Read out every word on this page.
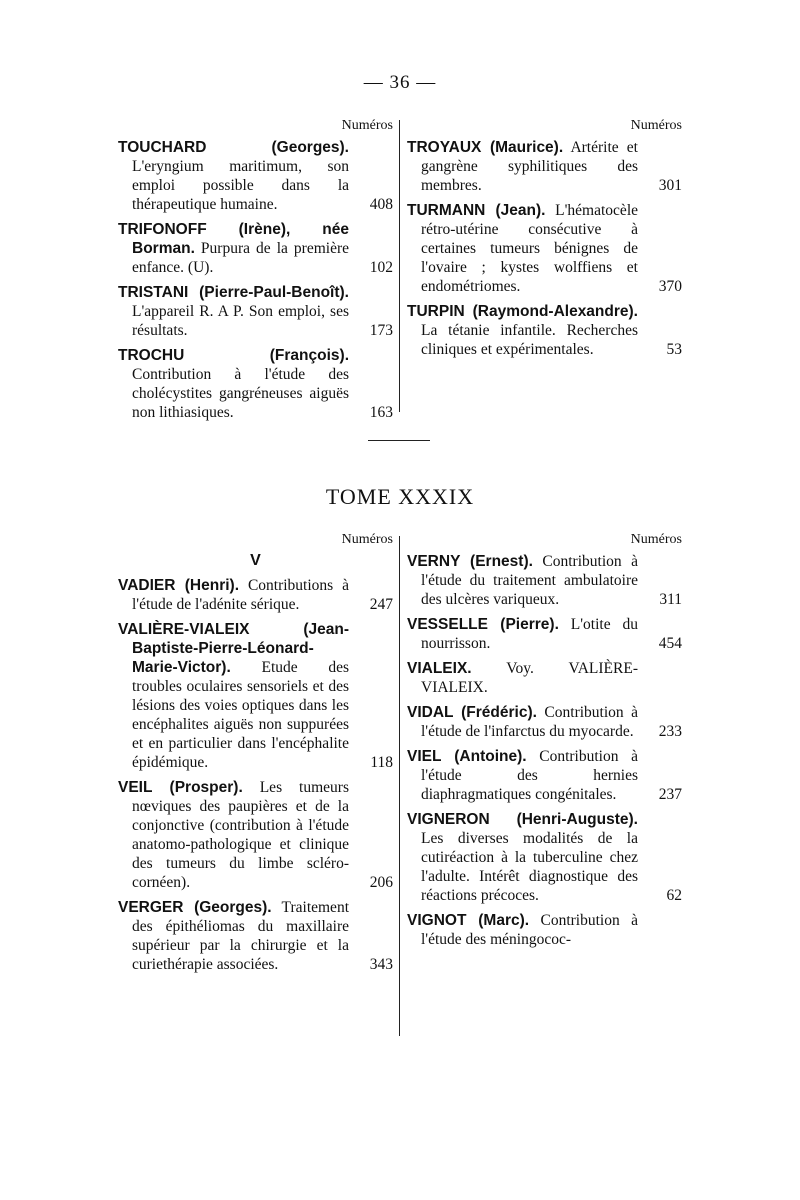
— 36 —
Numéros

TOUCHARD (Georges). L'eryngium maritimum, son emploi possible dans la thérapeutique humaine.	408

TRIFONOFF (Irène), née Borman. Purpura de la première enfance. (U).	102

TRISTANI (Pierre-Paul-Benoît). L'appareil R. A P. Son emploi, ses résultats.	173

TROCHU (François). Contribution à l'étude des cholécystites gangréneuses aiguës non lithiasiques.	163

Numéros

TROYAUX (Maurice). Artérite et gangrène syphilitiques des membres.	301

TURMANN (Jean). L'hématocèle rétro-utérine consécutive à certaines tumeurs bénignes de l'ovaire ; kystes wolffiens et endométriomes.	370

TURPIN (Raymond-Alexandre). La tétanie infantile. Recherches cliniques et expérimentales.	53

TOME XXXIX
Numéros
V

VADIER (Henri). Contributions à l'étude de l'adénite sérique.	247

VALIÈRE-VIALEIX (Jean-Baptiste-Pierre-Léonard-Marie-Victor). Etude des troubles oculaires sensoriels et des lésions des voies optiques dans les encéphalites aiguës non suppurées et en particulier dans l'encéphalite épidémique.	118

VEIL (Prosper). Les tumeurs nœviques des paupières et de la conjonctive (contribution à l'étude anatomo-pathologique et clinique des tumeurs du limbe scléro-cornéen).	206

VERGER (Georges). Traitement des épithéliomas du maxillaire supérieur par la chirurgie et la curiethérapie associées.	343

Numéros

VERNY (Ernest). Contribution à l'étude du traitement ambulatoire des ulcères variqueux.	311

VESSELLE (Pierre). L'otite du nourrisson.	454

VIALEIX. Voy. VALIÈRE-VIALEIX.

VIDAL (Frédéric). Contribution à l'étude de l'infarctus du myocarde. 233

VIEL (Antoine). Contribution à l'étude des hernies diaphragmatiques congénitales.	237

VIGNERON (Henri-Auguste). Les diverses modalités de la cutiréaction à la tuberculine chez l'adulte. Intérêt diagnostique des réactions précoces.	62

VIGNOT (Marc). Contribution à l'étude des méningococ-
